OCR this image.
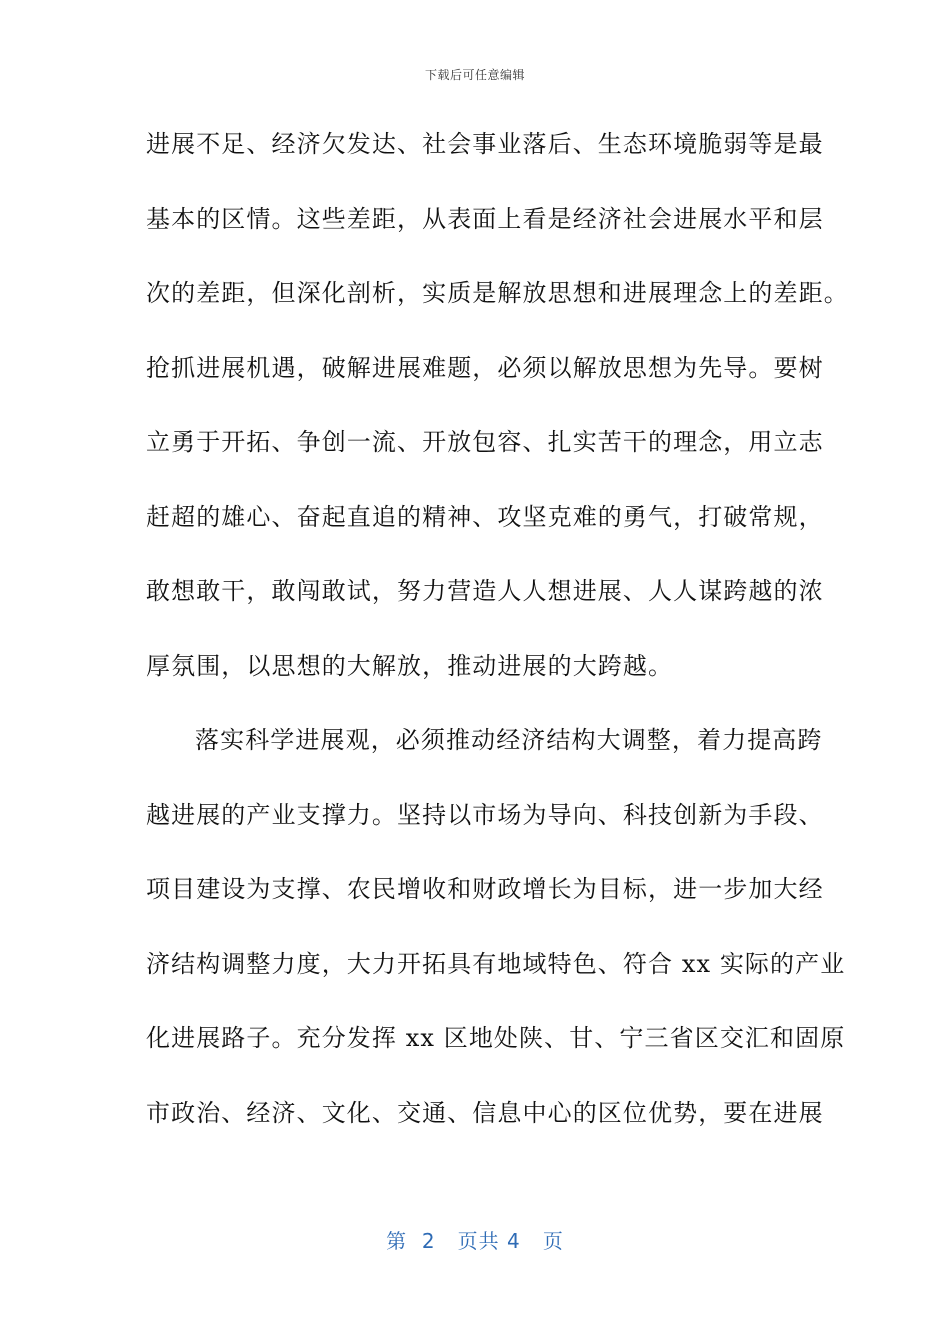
下载后可任意编辑
进展不足、经济欠发达、社会事业落后、生态环境脆弱等是最
基本的区情。这些差距，从表面上看是经济社会进展水平和层
次的差距，但深化剖析，实质是解放思想和进展理念上的差距。
抢抓进展机遇，破解进展难题，必须以解放思想为先导。要树
立勇于开拓、争创一流、开放包容、扎实苦干的理念，用立志
赶超的雄心、奋起直追的精神、攻坚克难的勇气，打破常规，
敢想敢干，敢闯敢试，努力营造人人想进展、人人谋跨越的浓
厚氛围，以思想的大解放，推动进展的大跨越。
落实科学进展观，必须推动经济结构大调整，着力提高跨
越进展的产业支撑力。坚持以市场为导向、科技创新为手段、
项目建设为支撑、农民增收和财政增长为目标，进一步加大经
济结构调整力度，大力开拓具有地域特色、符合 xx 实际的产业
化进展路子。充分发挥 xx 区地处陕、甘、宁三省区交汇和固原
市政治、经济、文化、交通、信息中心的区位优势，要在进展
第  2   页共 4   页
